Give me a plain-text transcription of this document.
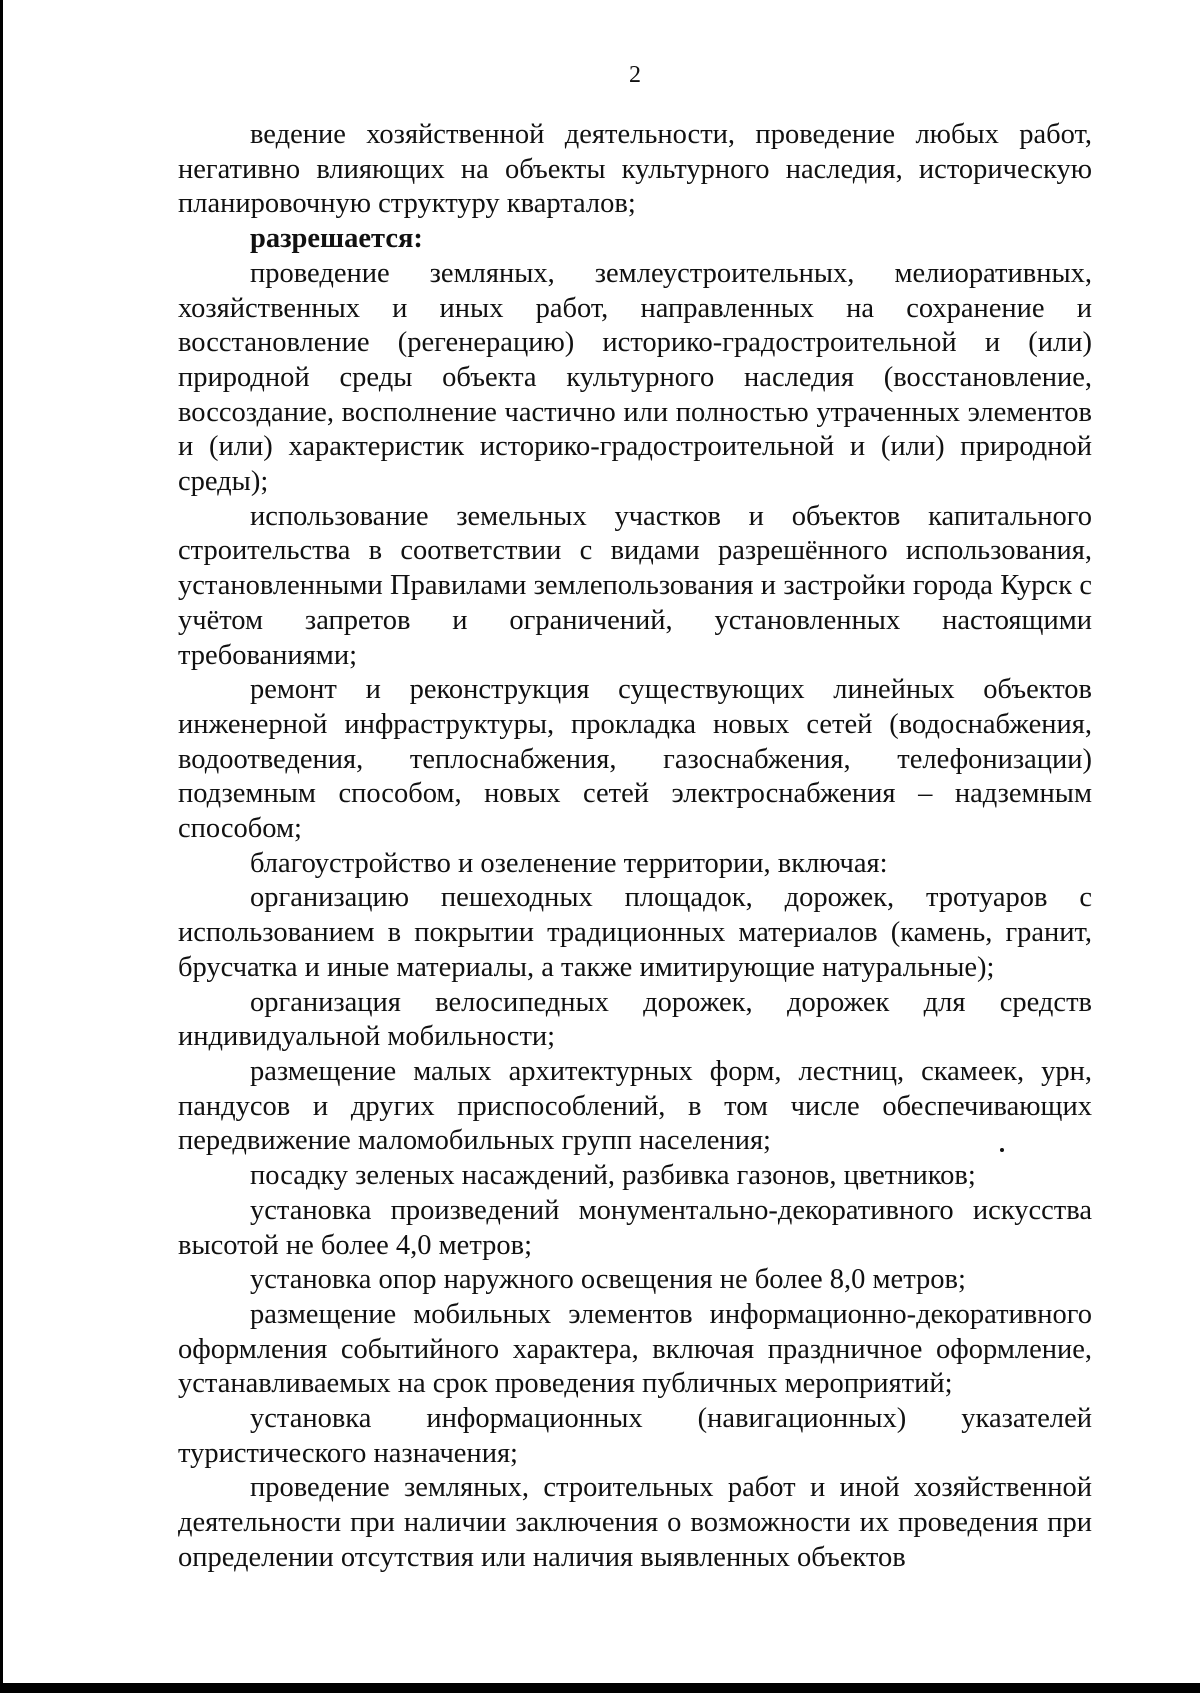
2

ведение хозяйственной деятельности, проведение любых работ, негативно влияющих на объекты культурного наследия, историческую планировочную структуру кварталов;

разрешается:

проведение земляных, землеустроительных, мелиоративных, хозяйственных и иных работ, направленных на сохранение и восстановление (регенерацию) историко-градостроительной и (или) природной среды объекта культурного наследия (восстановление, воссоздание, восполнение частично или полностью утраченных элементов и (или) характеристик историко-градостроительной и (или) природной среды);

использование земельных участков и объектов капитального строительства в соответствии с видами разрешённого использования, установленными Правилами землепользования и застройки города Курск с учётом запретов и ограничений, установленных настоящими требованиями;

ремонт и реконструкция существующих линейных объектов инженерной инфраструктуры, прокладка новых сетей (водоснабжения, водоотведения, теплоснабжения, газоснабжения, телефонизации) подземным способом, новых сетей электроснабжения – надземным способом;

благоустройство и озеленение территории, включая:

организацию пешеходных площадок, дорожек, тротуаров с использованием в покрытии традиционных материалов (камень, гранит, брусчатка и иные материалы, а также имитирующие натуральные);

организация велосипедных дорожек, дорожек для средств индивидуальной мобильности;

размещение малых архитектурных форм, лестниц, скамеек, урн, пандусов и других приспособлений, в том числе обеспечивающих передвижение маломобильных групп населения;

посадку зеленых насаждений, разбивка газонов, цветников;

установка произведений монументально-декоративного искусства высотой не более 4,0 метров;

установка опор наружного освещения не более 8,0 метров;

размещение мобильных элементов информационно-декоративного оформления событийного характера, включая праздничное оформление, устанавливаемых на срок проведения публичных мероприятий;

установка информационных (навигационных) указателей туристического назначения;

проведение земляных, строительных работ и иной хозяйственной деятельности при наличии заключения о возможности их проведения при определении отсутствия или наличия выявленных объектов
